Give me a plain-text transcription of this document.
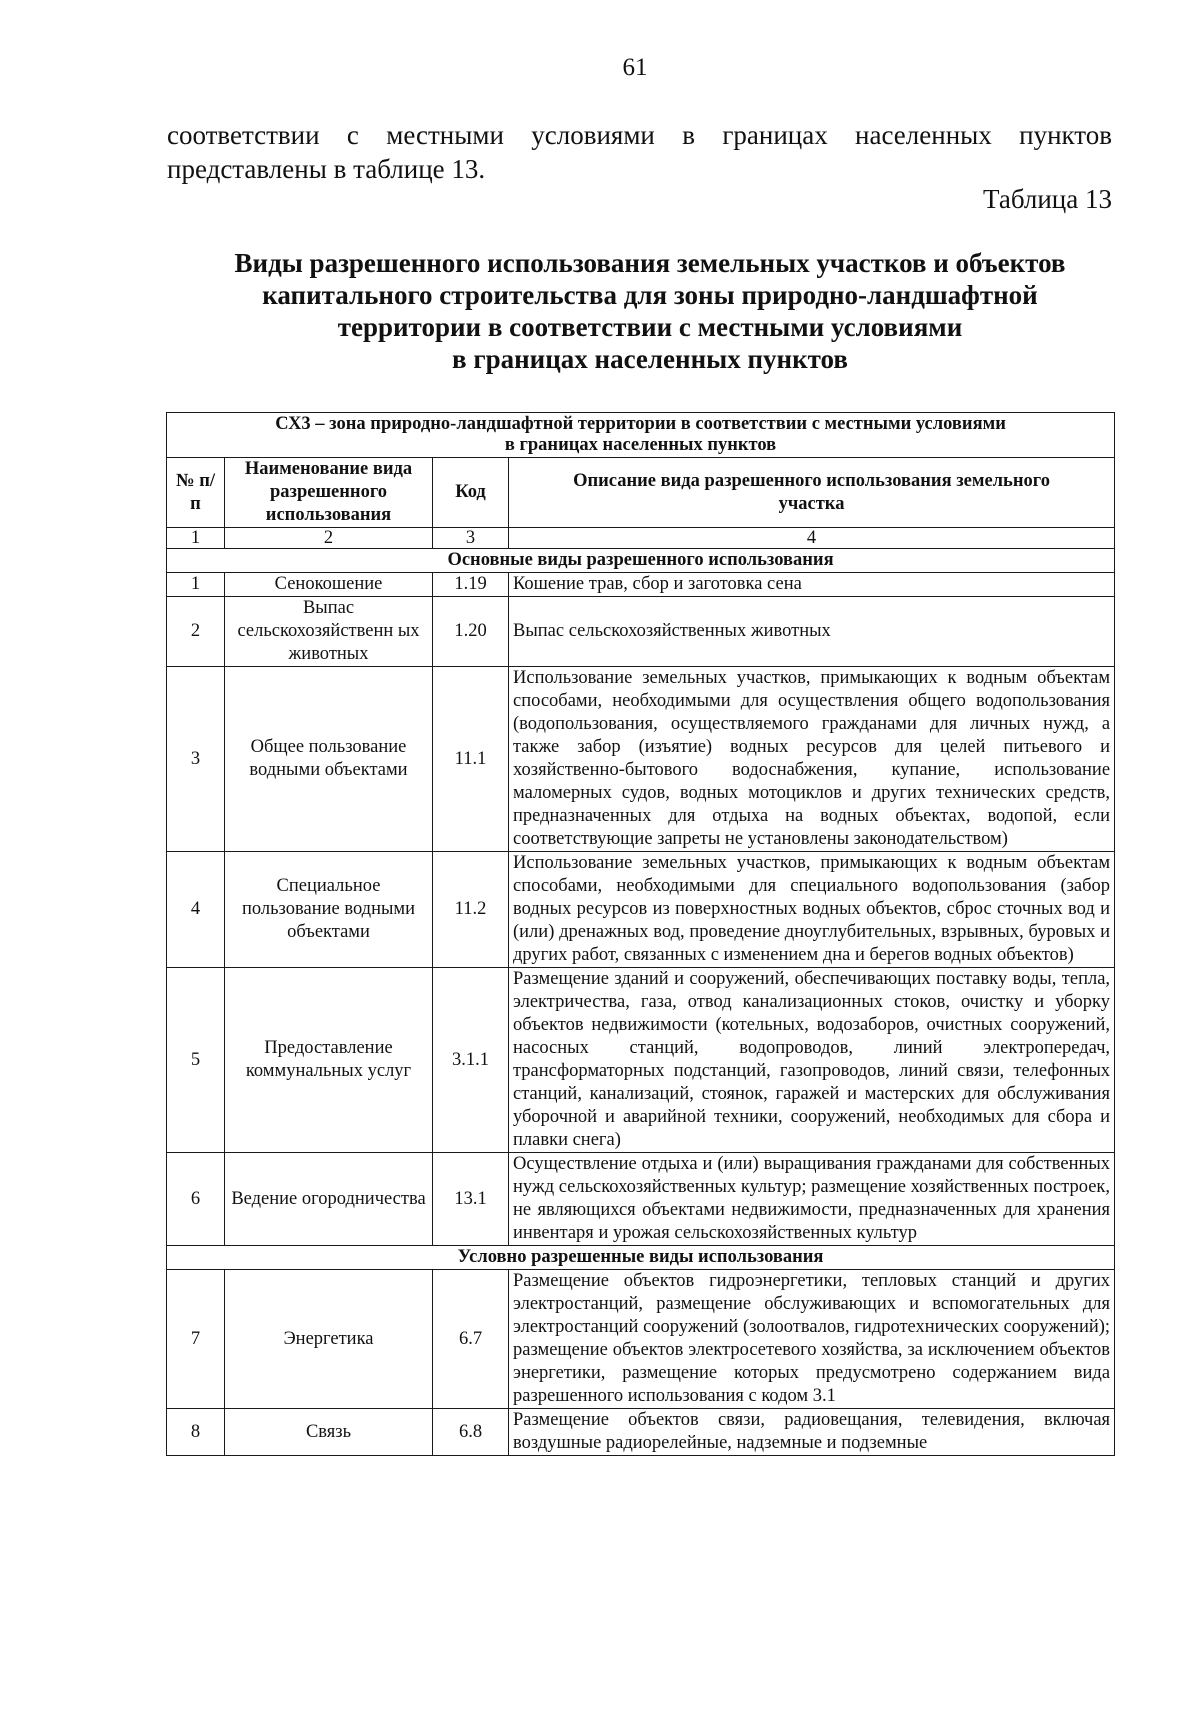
61
соответствии с местными условиями в границах населенных пунктов
представлены в таблице 13.
Таблица 13
Виды разрешенного использования земельных участков и объектов
капитального строительства для зоны природно-ландшафтной
территории в соответствии с местными условиями
в границах населенных пунктов
СХ3 – зона природно-ландшафтной территории в соответствии с местными условиями
в границах населенных пунктов			

№ п/п	Наименование вида разрешенного использования	Код	Описание вида разрешенного использования земельного участка
1	2	3	4
Основные виды разрешенного использования			
1	Сенокошение	1.19	Кошение трав, сбор и заготовка сена
2	Выпас сельскохозяйственн ых животных	1.20	Выпас сельскохозяйственных животных
3	Общее пользование водными объектами	11.1	Использование земельных участков, примыкающих к водным объектам способами, необходимыми для осуществления общего водопользования (водопользования, осуществляемого гражданами для личных нужд, а также забор (изъятие) водных ресурсов для целей питьевого и хозяйственно-бытового водоснабжения, купание, использование маломерных судов, водных мотоциклов и других технических средств, предназначенных для отдыха на водных объектах, водопой, если соответствующие запреты не установлены законодательством)
4	Специальное пользование водными объектами	11.2	Использование земельных участков, примыкающих к водным объектам способами, необходимыми для специального водопользования (забор водных ресурсов из поверхностных водных объектов, сброс сточных вод и (или) дренажных вод, проведение дноуглубительных, взрывных, буровых и других работ, связанных с изменением дна и берегов водных объектов)
5	Предоставление коммунальных услуг	3.1.1	Размещение зданий и сооружений, обеспечивающих поставку воды, тепла, электричества, газа, отвод канализационных стоков, очистку и уборку объектов недвижимости (котельных, водозаборов, очистных сооружений, насосных станций, водопроводов, линий электропередач, трансформаторных подстанций, газопроводов, линий связи, телефонных станций, канализаций, стоянок, гаражей и мастерских для обслуживания уборочной и аварийной техники, сооружений, необходимых для сбора и плавки снега)
6	Ведение огородничества	13.1	Осуществление отдыха и (или) выращивания гражданами для собственных нужд сельскохозяйственных культур; размещение хозяйственных построек, не являющихся объектами недвижимости, предназначенных для хранения инвентаря и урожая сельскохозяйственных культур
Условно разрешенные виды использования			
7	Энергетика	6.7	Размещение объектов гидроэнергетики, тепловых станций и других электростанций, размещение обслуживающих и вспомогательных для электростанций сооружений (золоотвалов, гидротехнических сооружений); размещение объектов электросетевого хозяйства, за исключением объектов энергетики, размещение которых предусмотрено содержанием вида разрешенного использования с кодом 3.1
8	Связь	6.8	Размещение объектов связи, радиовещания, телевидения, включая воздушные радиорелейные, надземные и подземные
